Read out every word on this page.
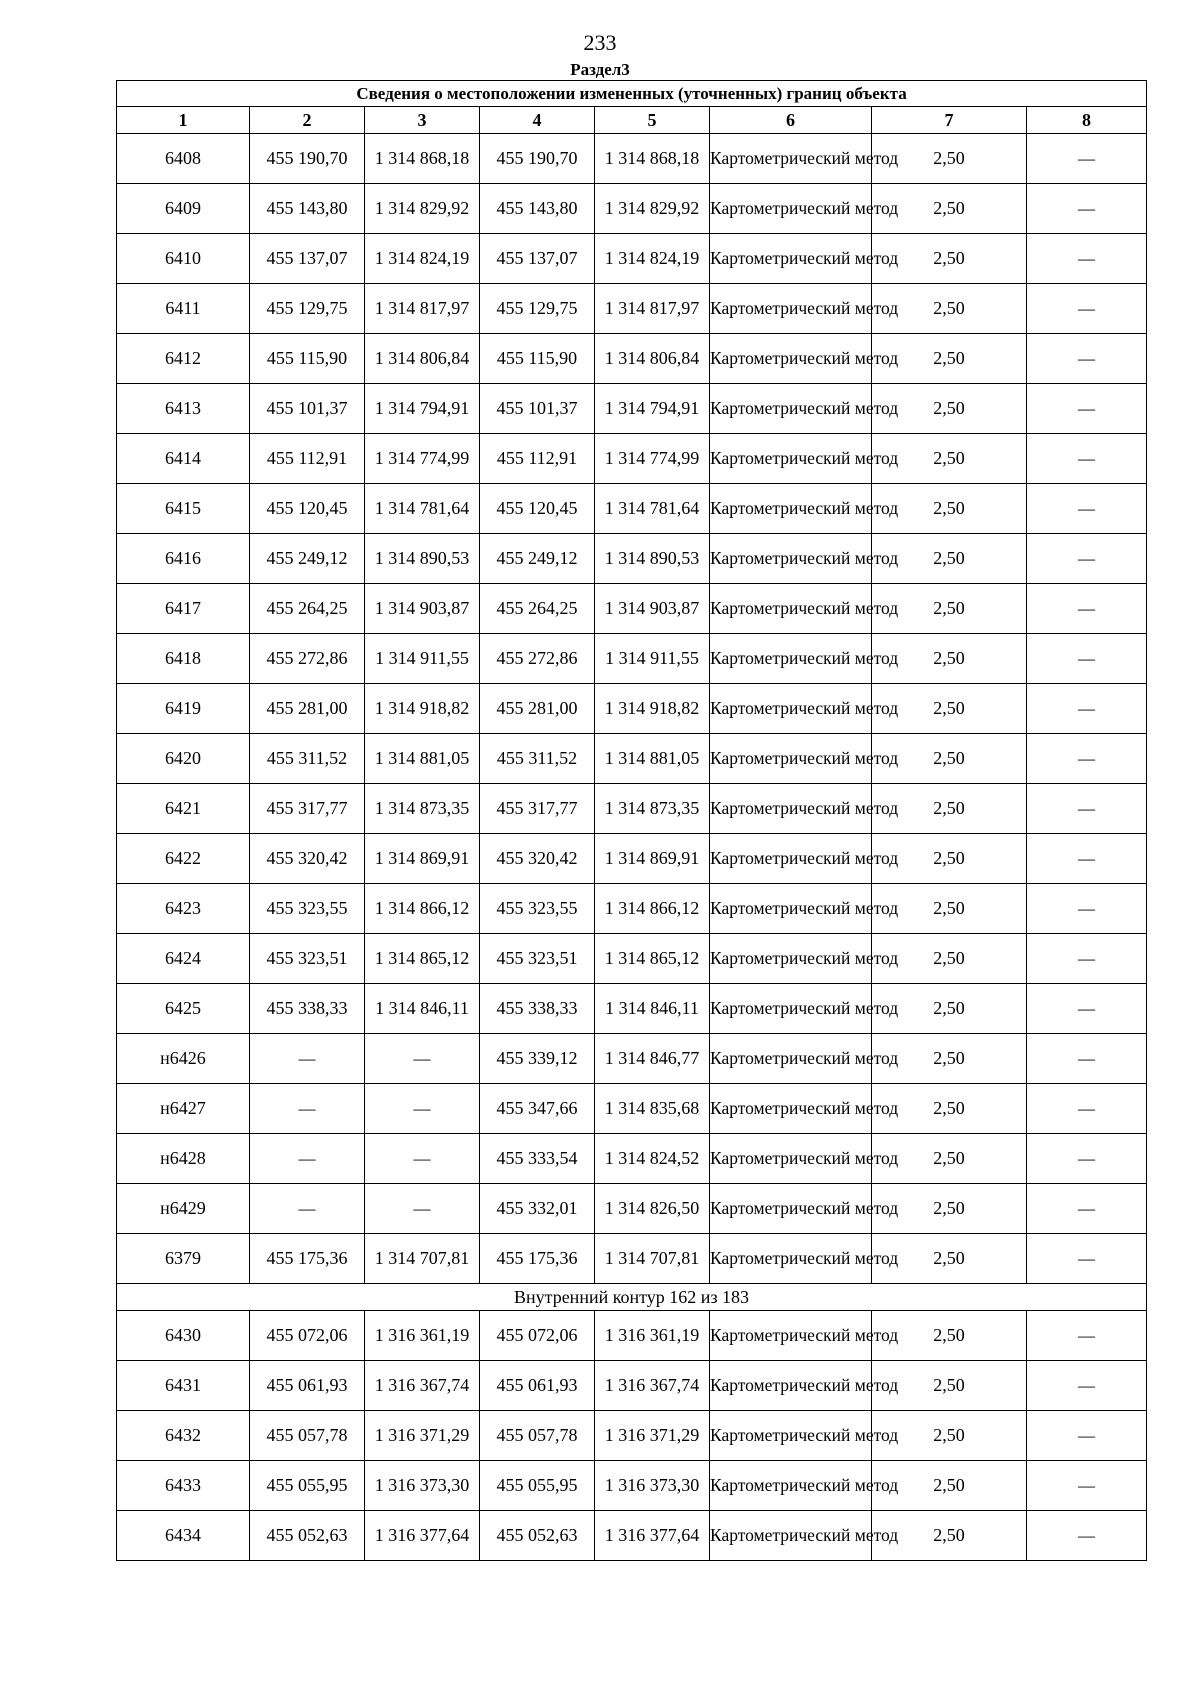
233
Раздел3
Сведения о местоположении измененных (уточненных) границ объекта							
1	2	3	4	5	6	7	8
6408	455 190,70	1 314 868,18	455 190,70	1 314 868,18	Картометрический метод	2,50	—
6409	455 143,80	1 314 829,92	455 143,80	1 314 829,92	Картометрический метод	2,50	—
6410	455 137,07	1 314 824,19	455 137,07	1 314 824,19	Картометрический метод	2,50	—
6411	455 129,75	1 314 817,97	455 129,75	1 314 817,97	Картометрический метод	2,50	—
6412	455 115,90	1 314 806,84	455 115,90	1 314 806,84	Картометрический метод	2,50	—
6413	455 101,37	1 314 794,91	455 101,37	1 314 794,91	Картометрический метод	2,50	—
6414	455 112,91	1 314 774,99	455 112,91	1 314 774,99	Картометрический метод	2,50	—
6415	455 120,45	1 314 781,64	455 120,45	1 314 781,64	Картометрический метод	2,50	—
6416	455 249,12	1 314 890,53	455 249,12	1 314 890,53	Картометрический метод	2,50	—
6417	455 264,25	1 314 903,87	455 264,25	1 314 903,87	Картометрический метод	2,50	—
6418	455 272,86	1 314 911,55	455 272,86	1 314 911,55	Картометрический метод	2,50	—
6419	455 281,00	1 314 918,82	455 281,00	1 314 918,82	Картометрический метод	2,50	—
6420	455 311,52	1 314 881,05	455 311,52	1 314 881,05	Картометрический метод	2,50	—
6421	455 317,77	1 314 873,35	455 317,77	1 314 873,35	Картометрический метод	2,50	—
6422	455 320,42	1 314 869,91	455 320,42	1 314 869,91	Картометрический метод	2,50	—
6423	455 323,55	1 314 866,12	455 323,55	1 314 866,12	Картометрический метод	2,50	—
6424	455 323,51	1 314 865,12	455 323,51	1 314 865,12	Картометрический метод	2,50	—
6425	455 338,33	1 314 846,11	455 338,33	1 314 846,11	Картометрический метод	2,50	—
н6426	—	—	455 339,12	1 314 846,77	Картометрический метод	2,50	—
н6427	—	—	455 347,66	1 314 835,68	Картометрический метод	2,50	—
н6428	—	—	455 333,54	1 314 824,52	Картометрический метод	2,50	—
н6429	—	—	455 332,01	1 314 826,50	Картометрический метод	2,50	—
6379	455 175,36	1 314 707,81	455 175,36	1 314 707,81	Картометрический метод	2,50	—
Внутренний контур 162 из 183							
6430	455 072,06	1 316 361,19	455 072,06	1 316 361,19	Картометрический метод	2,50	—
6431	455 061,93	1 316 367,74	455 061,93	1 316 367,74	Картометрический метод	2,50	—
6432	455 057,78	1 316 371,29	455 057,78	1 316 371,29	Картометрический метод	2,50	—
6433	455 055,95	1 316 373,30	455 055,95	1 316 373,30	Картометрический метод	2,50	—
6434	455 052,63	1 316 377,64	455 052,63	1 316 377,64	Картометрический метод	2,50	—
